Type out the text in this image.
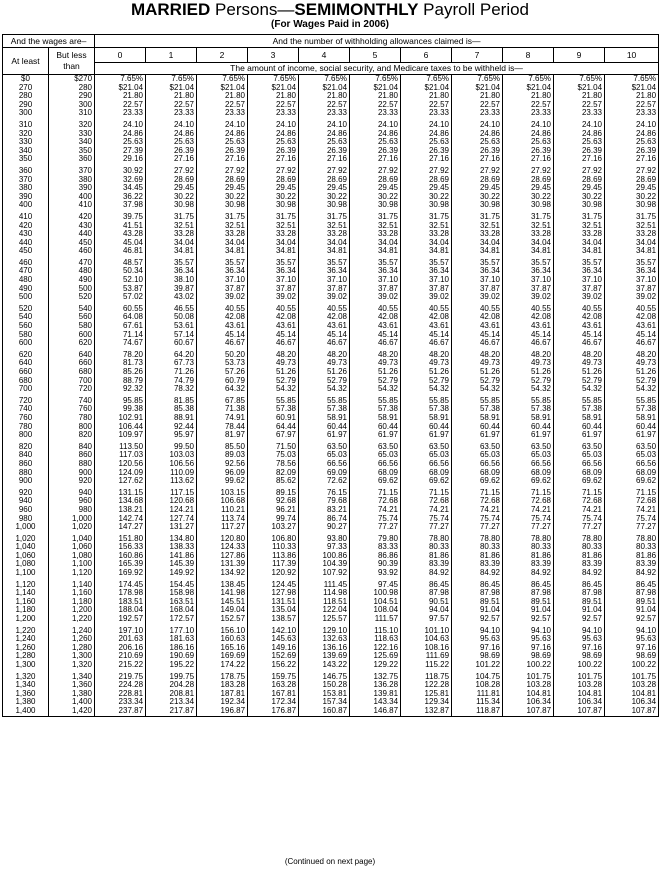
MARRIED Persons—SEMIMONTHLY Payroll Period
(For Wages Paid in 2006)
And the wages are–		And the number of withholding allowances claimed is—										
At least	But less than	0	1	2	3	4	5	6	7	8	9	10
		The amount of income, social security, and Medicare taxes to be withheld is—										
$0	$270	7.65%	7.65%	7.65%	7.65%	7.65%	7.65%	7.65%	7.65%	7.65%	7.65%	7.65%
270	280	$21.04	$21.04	$21.04	$21.04	$21.04	$21.04	$21.04	$21.04	$21.04	$21.04	$21.04
280	290	21.80	21.80	21.80	21.80	21.80	21.80	21.80	21.80	21.80	21.80	21.80
290	300	22.57	22.57	22.57	22.57	22.57	22.57	22.57	22.57	22.57	22.57	22.57
300	310	23.33	23.33	23.33	23.33	23.33	23.33	23.33	23.33	23.33	23.33	23.33
310	320	24.10	24.10	24.10	24.10	24.10	24.10	24.10	24.10	24.10	24.10	24.10
320	330	24.86	24.86	24.86	24.86	24.86	24.86	24.86	24.86	24.86	24.86	24.86
330	340	25.63	25.63	25.63	25.63	25.63	25.63	25.63	25.63	25.63	25.63	25.63
340	350	27.39	26.39	26.39	26.39	26.39	26.39	26.39	26.39	26.39	26.39	26.39
350	360	29.16	27.16	27.16	27.16	27.16	27.16	27.16	27.16	27.16	27.16	27.16
360	370	30.92	27.92	27.92	27.92	27.92	27.92	27.92	27.92	27.92	27.92	27.92
370	380	32.69	28.69	28.69	28.69	28.69	28.69	28.69	28.69	28.69	28.69	28.69
380	390	34.45	29.45	29.45	29.45	29.45	29.45	29.45	29.45	29.45	29.45	29.45
390	400	36.22	30.22	30.22	30.22	30.22	30.22	30.22	30.22	30.22	30.22	30.22
400	410	37.98	30.98	30.98	30.98	30.98	30.98	30.98	30.98	30.98	30.98	30.98
410	420	39.75	31.75	31.75	31.75	31.75	31.75	31.75	31.75	31.75	31.75	31.75
420	430	41.51	32.51	32.51	32.51	32.51	32.51	32.51	32.51	32.51	32.51	32.51
430	440	43.28	33.28	33.28	33.28	33.28	33.28	33.28	33.28	33.28	33.28	33.28
440	450	45.04	34.04	34.04	34.04	34.04	34.04	34.04	34.04	34.04	34.04	34.04
450	460	46.81	34.81	34.81	34.81	34.81	34.81	34.81	34.81	34.81	34.81	34.81
460	470	48.57	35.57	35.57	35.57	35.57	35.57	35.57	35.57	35.57	35.57	35.57
470	480	50.34	36.34	36.34	36.34	36.34	36.34	36.34	36.34	36.34	36.34	36.34
480	490	52.10	38.10	37.10	37.10	37.10	37.10	37.10	37.10	37.10	37.10	37.10
490	500	53.87	39.87	37.87	37.87	37.87	37.87	37.87	37.87	37.87	37.87	37.87
500	520	57.02	43.02	39.02	39.02	39.02	39.02	39.02	39.02	39.02	39.02	39.02
520	540	60.55	46.55	40.55	40.55	40.55	40.55	40.55	40.55	40.55	40.55	40.55
540	560	64.08	50.08	42.08	42.08	42.08	42.08	42.08	42.08	42.08	42.08	42.08
560	580	67.61	53.61	43.61	43.61	43.61	43.61	43.61	43.61	43.61	43.61	43.61
580	600	71.14	57.14	45.14	45.14	45.14	45.14	45.14	45.14	45.14	45.14	45.14
600	620	74.67	60.67	46.67	46.67	46.67	46.67	46.67	46.67	46.67	46.67	46.67
620	640	78.20	64.20	50.20	48.20	48.20	48.20	48.20	48.20	48.20	48.20	48.20
640	660	81.73	67.73	53.73	49.73	49.73	49.73	49.73	49.73	49.73	49.73	49.73
660	680	85.26	71.26	57.26	51.26	51.26	51.26	51.26	51.26	51.26	51.26	51.26
680	700	88.79	74.79	60.79	52.79	52.79	52.79	52.79	52.79	52.79	52.79	52.79
700	720	92.32	78.32	64.32	54.32	54.32	54.32	54.32	54.32	54.32	54.32	54.32
720	740	95.85	81.85	67.85	55.85	55.85	55.85	55.85	55.85	55.85	55.85	55.85
740	760	99.38	85.38	71.38	57.38	57.38	57.38	57.38	57.38	57.38	57.38	57.38
760	780	102.91	88.91	74.91	60.91	58.91	58.91	58.91	58.91	58.91	58.91	58.91
780	800	106.44	92.44	78.44	64.44	60.44	60.44	60.44	60.44	60.44	60.44	60.44
800	820	109.97	95.97	81.97	67.97	61.97	61.97	61.97	61.97	61.97	61.97	61.97
820	840	113.50	99.50	85.50	71.50	63.50	63.50	63.50	63.50	63.50	63.50	63.50
840	860	117.03	103.03	89.03	75.03	65.03	65.03	65.03	65.03	65.03	65.03	65.03
860	880	120.56	106.56	92.56	78.56	66.56	66.56	66.56	66.56	66.56	66.56	66.56
880	900	124.09	110.09	96.09	82.09	69.09	68.09	68.09	68.09	68.09	68.09	68.09
900	920	127.62	113.62	99.62	85.62	72.62	69.62	69.62	69.62	69.62	69.62	69.62
920	940	131.15	117.15	103.15	89.15	76.15	71.15	71.15	71.15	71.15	71.15	71.15
940	960	134.68	120.68	106.68	92.68	79.68	72.68	72.68	72.68	72.68	72.68	72.68
960	980	138.21	124.21	110.21	96.21	83.21	74.21	74.21	74.21	74.21	74.21	74.21
980	1,000	142.74	127.74	113.74	99.74	86.74	75.74	75.74	75.74	75.74	75.74	75.74
1,000	1,020	147.27	131.27	117.27	103.27	90.27	77.27	77.27	77.27	77.27	77.27	77.27
1,020	1,040	151.80	134.80	120.80	106.80	93.80	79.80	78.80	78.80	78.80	78.80	78.80
1,040	1,060	156.33	138.33	124.33	110.33	97.33	83.33	80.33	80.33	80.33	80.33	80.33
1,060	1,080	160.86	141.86	127.86	113.86	100.86	86.86	81.86	81.86	81.86	81.86	81.86
1,080	1,100	165.39	145.39	131.39	117.39	104.39	90.39	83.39	83.39	83.39	83.39	83.39
1,100	1,120	169.92	149.92	134.92	120.92	107.92	93.92	84.92	84.92	84.92	84.92	84.92
1,120	1,140	174.45	154.45	138.45	124.45	111.45	97.45	86.45	86.45	86.45	86.45	86.45
1,140	1,160	178.98	158.98	141.98	127.98	114.98	100.98	87.98	87.98	87.98	87.98	87.98
1,160	1,180	183.51	163.51	145.51	131.51	118.51	104.51	90.51	89.51	89.51	89.51	89.51
1,180	1,200	188.04	168.04	149.04	135.04	122.04	108.04	94.04	91.04	91.04	91.04	91.04
1,200	1,220	192.57	172.57	152.57	138.57	125.57	111.57	97.57	92.57	92.57	92.57	92.57
1,220	1,240	197.10	177.10	156.10	142.10	129.10	115.10	101.10	94.10	94.10	94.10	94.10
1,240	1,260	201.63	181.63	160.63	145.63	132.63	118.63	104.63	95.63	95.63	95.63	95.63
1,260	1,280	206.16	186.16	165.16	149.16	136.16	122.16	108.16	97.16	97.16	97.16	97.16
1,280	1,300	210.69	190.69	169.69	152.69	139.69	125.69	111.69	98.69	98.69	98.69	98.69
1,300	1,320	215.22	195.22	174.22	156.22	143.22	129.22	115.22	101.22	100.22	100.22	100.22
1,320	1,340	219.75	199.75	178.75	159.75	146.75	132.75	118.75	104.75	101.75	101.75	101.75
1,340	1,360	224.28	204.28	183.28	163.28	150.28	136.28	122.28	108.28	103.28	103.28	103.28
1,360	1,380	228.81	208.81	187.81	167.81	153.81	139.81	125.81	111.81	104.81	104.81	104.81
1,380	1,400	233.34	213.34	192.34	172.34	157.34	143.34	129.34	115.34	106.34	106.34	106.34
1,400	1,420	237.87	217.87	196.87	176.87	160.87	146.87	132.87	118.87	107.87	107.87	107.87
(Continued on next page)
